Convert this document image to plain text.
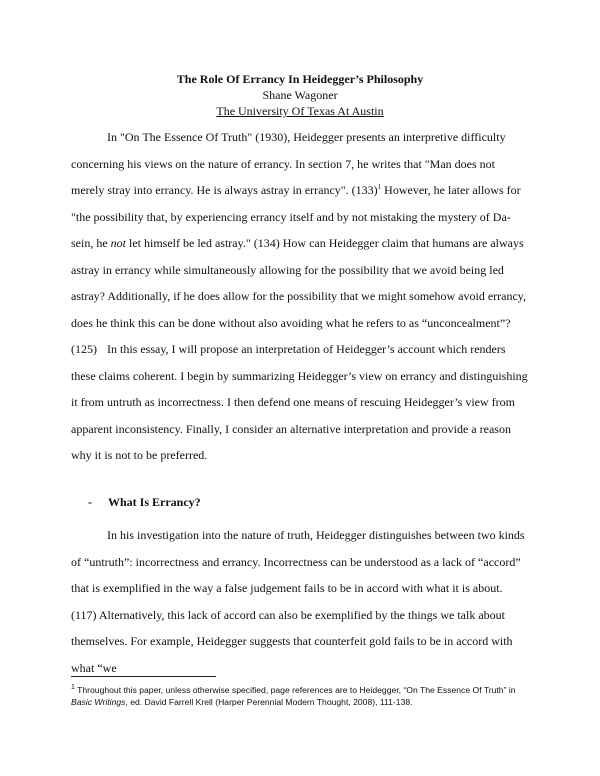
The Role Of Errancy In Heidegger’s Philosophy
Shane Wagoner
The University Of Texas At Austin

In "On The Essence Of Truth" (1930), Heidegger presents an interpretive difficulty concerning his views on the nature of errancy. In section 7, he writes that "Man does not merely stray into errancy. He is always astray in errancy". $(133)^1$ However, he later allows for "the possibility that, by experiencing errancy itself and by not mistaking the mystery of Da-sein, he not let himself be led astray." (134) How can Heidegger claim that humans are always astray in errancy while simultaneously allowing for the possibility that we avoid being led astray? Additionally, if he does allow for the possibility that we might somehow avoid errancy, does he think this can be done without also avoiding what he refers to as “unconcealment”? (125) In this essay, I will propose an interpretation of Heidegger’s account which renders these claims coherent. I begin by summarizing Heidegger’s view on errancy and distinguishing it from untruth as incorrectness. I then defend one means of rescuing Heidegger’s view from apparent inconsistency. Finally, I consider an alternative interpretation and provide a reason why it is not to be preferred.

- What Is Errancy?

In his investigation into the nature of truth, Heidegger distinguishes between two kinds of “untruth”: incorrectness and errancy. Incorrectness can be understood as a lack of “accord” that is exemplified in the way a false judgement fails to be in accord with what it is about. (117) Alternatively, this lack of accord can also be exemplified by the things we talk about themselves. For example, Heidegger suggests that counterfeit gold fails to be in accord with what “we

$^1$ Throughout this paper, unless otherwise specified, page references are to Heidegger, “On The Essence Of Truth” in Basic Writings, ed. David Farrell Krell (Harper Perennial Modern Thought, 2008), 111-138.
